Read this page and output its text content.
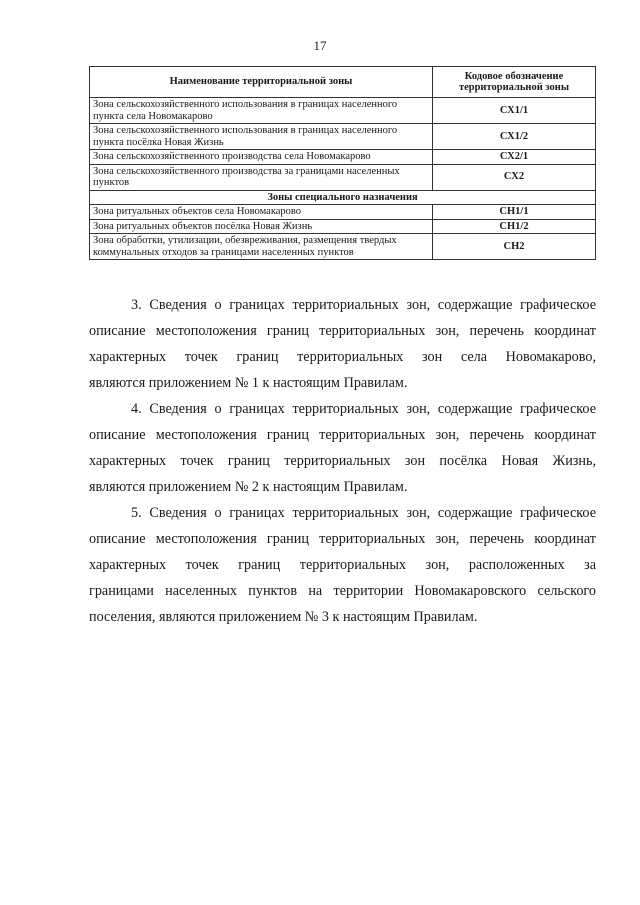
17
Наименование территориальной зоны	Кодовое обозначение территориальной зоны
Зона сельскохозяйственного использования в границах населенного пункта села Новомакарово	СХ1/1
Зона сельскохозяйственного использования в границах населенного пункта посёлка Новая Жизнь	СХ1/2
Зона сельскохозяйственного производства села Новомакарово	СХ2/1
Зона сельскохозяйственного производства за границами населенных пунктов	СХ2
Зоны специального назначения	
Зона ритуальных объектов села Новомакарово	СН1/1
Зона ритуальных объектов посёлка Новая Жизнь	СН1/2
Зона обработки, утилизации, обезвреживания, размещения твердых коммунальных отходов за границами населенных пунктов	СН2
3. Сведения о границах территориальных зон, содержащие графическое
описание местоположения границ территориальных зон, перечень координат
характерных точек границ территориальных зон села Новомакарово,
являются приложением № 1 к настоящим Правилам.
4. Сведения о границах территориальных зон, содержащие графическое
описание местоположения границ территориальных зон, перечень координат
характерных точек границ территориальных зон посёлка Новая Жизнь,
являются приложением № 2 к настоящим Правилам.
5. Сведения о границах территориальных зон, содержащие графическое
описание местоположения границ территориальных зон, перечень координат
характерных точек границ территориальных зон, расположенных за
границами населенных пунктов на территории Новомакаровского сельского
поселения, являются приложением № 3 к настоящим Правилам.
